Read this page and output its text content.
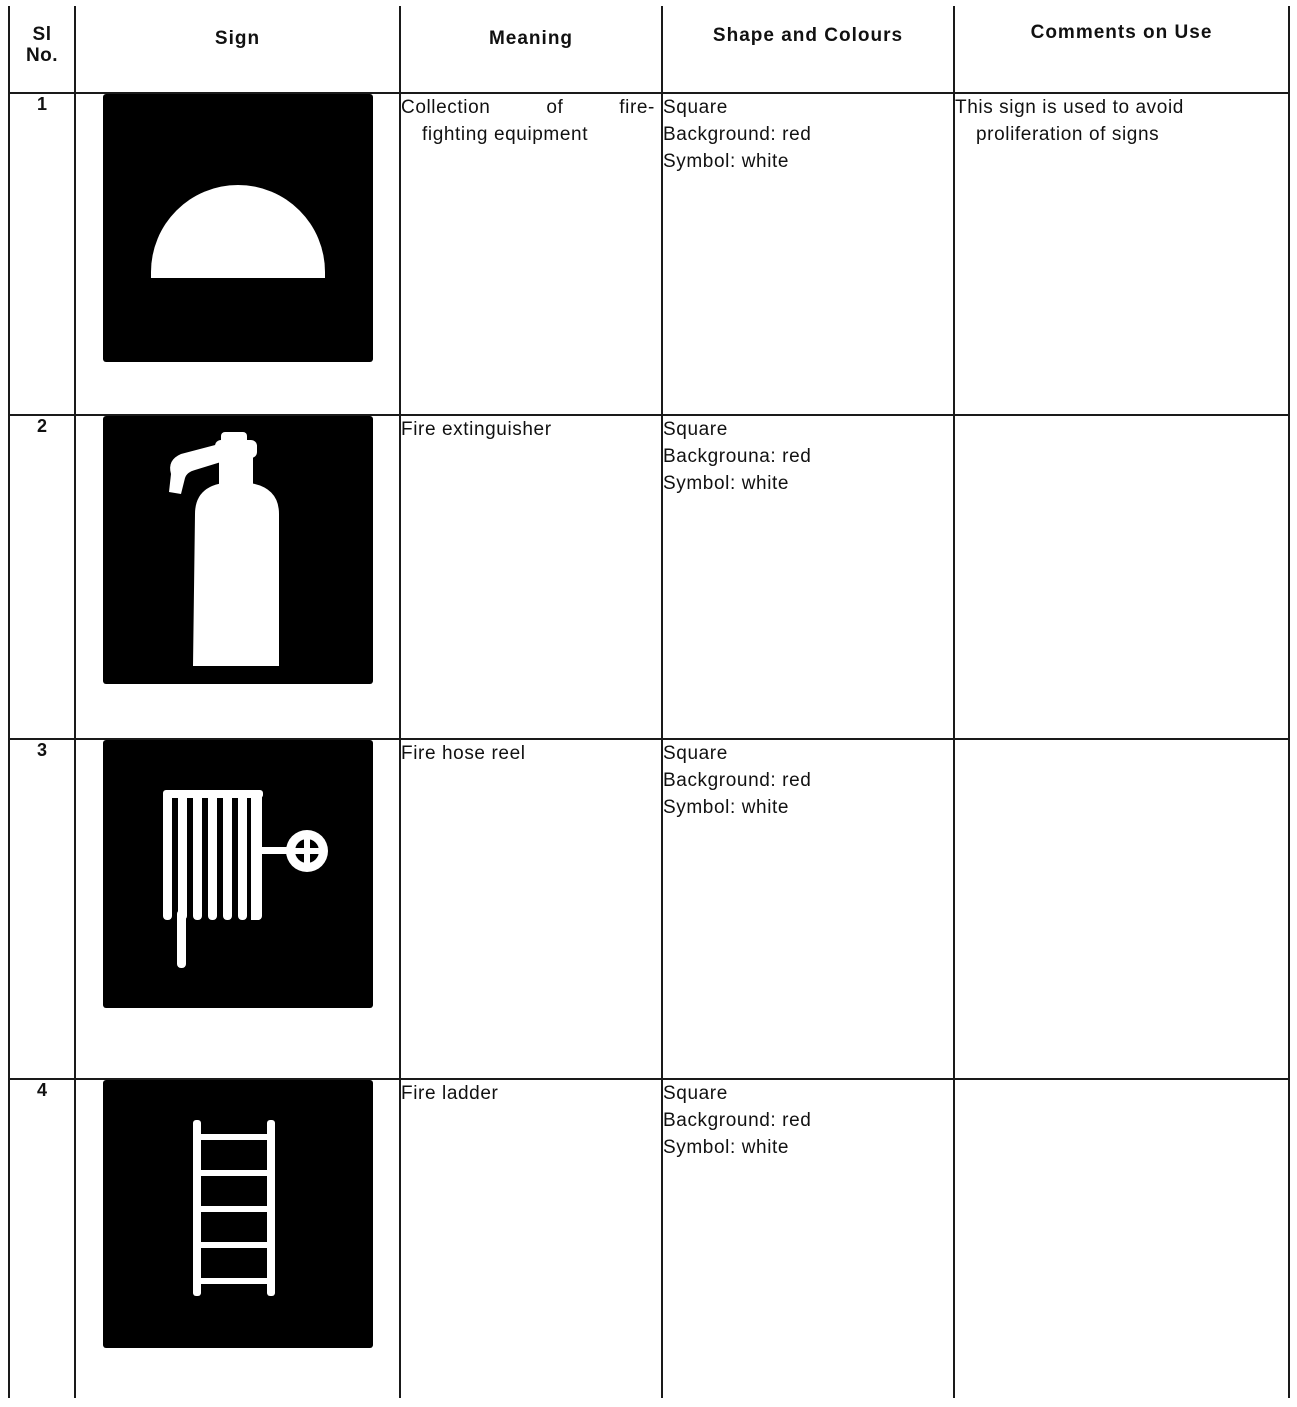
Sl
No.	Sign	Meaning	Shape and Colours	Comments on Use

1		Collection of fire-
fighting equipment	Square
Background: red
Symbol: white	This sign is used to avoid
proliferation of signs

2		Fire extinguisher	Square
Backgrouna: red
Symbol: white	

3		Fire hose reel	Square
Background: red
Symbol: white	

4		Fire ladder	Square
Background: red
Symbol: white	
